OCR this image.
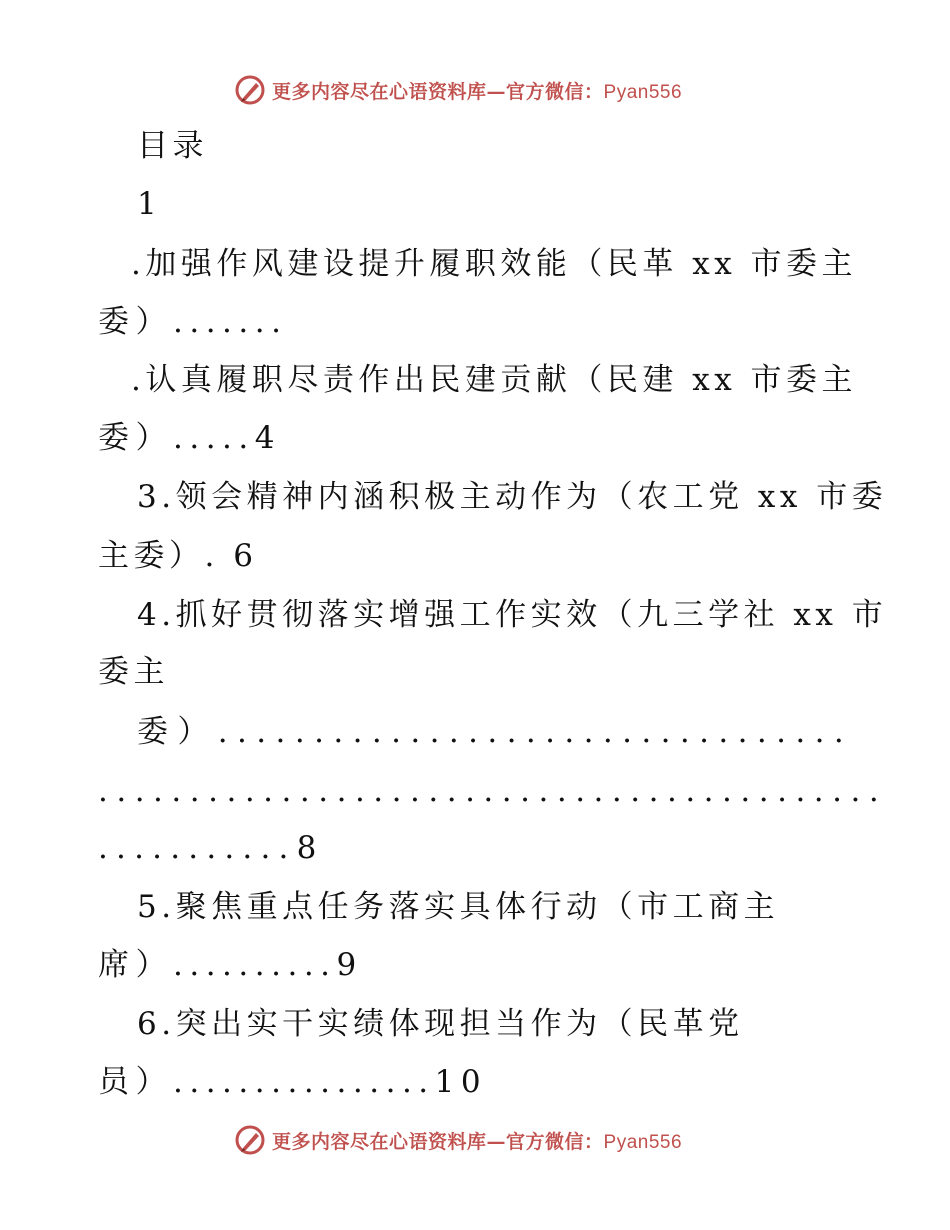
更多内容尽在心语资料库—官方微信：Pyan556
目录
1
.加强作风建设提升履职效能（民革 xx 市委主
委）.......
.认真履职尽责作出民建贡献（民建 xx 市委主
委）.....4
3.领会精神内涵积极主动作为（农工党 xx 市委
主委）. 6
4.抓好贯彻落实增强工作实效（九三学社 xx 市
委主
委）.................................
...........................................
...........8
5.聚焦重点任务落实具体行动（市工商主
席）..........9
6.突出实干实绩体现担当作为（民革党
员）................10
更多内容尽在心语资料库—官方微信：Pyan556
